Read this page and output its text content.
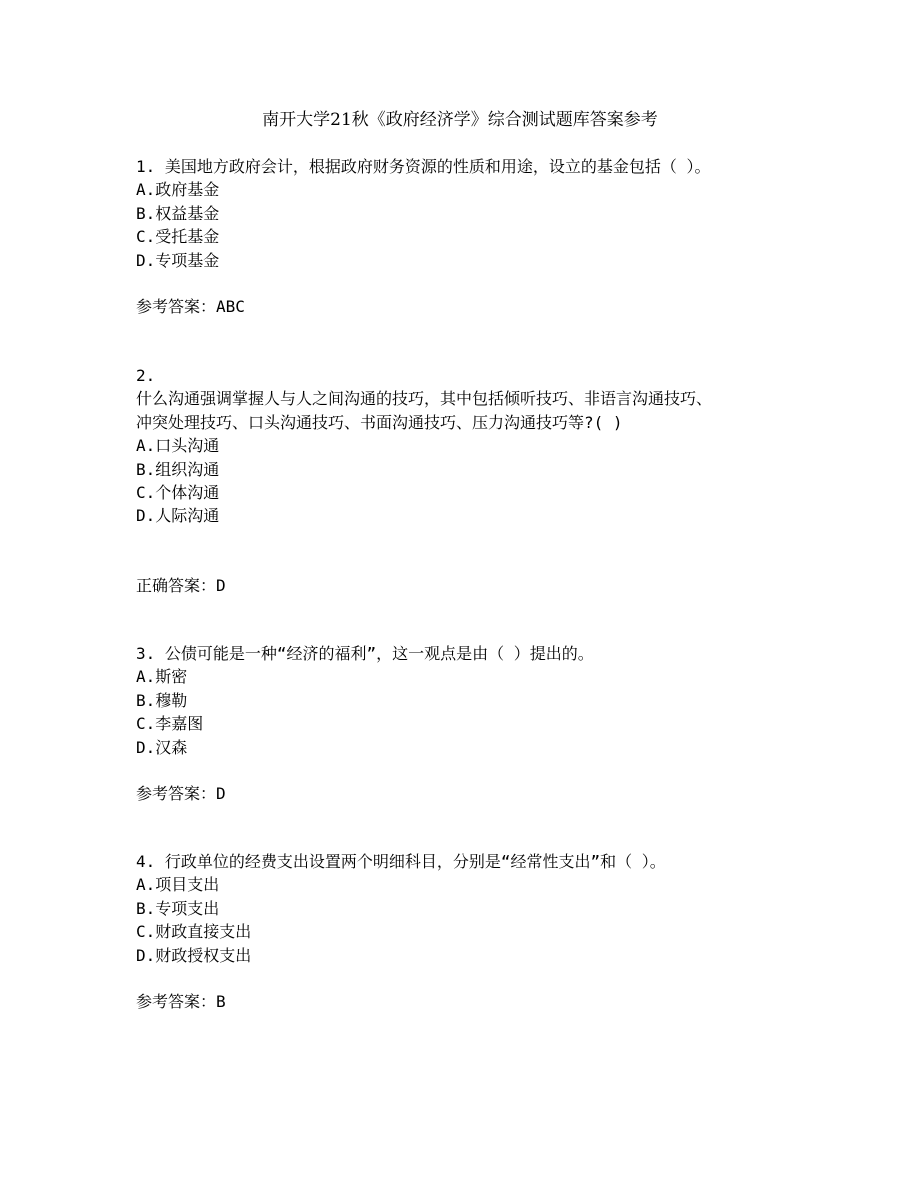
南开大学21秋《政府经济学》综合测试题库答案参考
1. 美国地方政府会计，根据政府财务资源的性质和用途，设立的基金包括（ ）。
A.政府基金
B.权益基金
C.受托基金
D.专项基金
参考答案：ABC
2.
什么沟通强调掌握人与人之间沟通的技巧，其中包括倾听技巧、非语言沟通技巧、
冲突处理技巧、口头沟通技巧、书面沟通技巧、压力沟通技巧等?( )
A.口头沟通
B.组织沟通
C.个体沟通
D.人际沟通
正确答案：D
3. 公债可能是一种“经济的福利”，这一观点是由（ ）提出的。
A.斯密
B.穆勒
C.李嘉图
D.汉森
参考答案：D
4. 行政单位的经费支出设置两个明细科目，分别是“经常性支出”和（ ）。
A.项目支出
B.专项支出
C.财政直接支出
D.财政授权支出
参考答案：B
